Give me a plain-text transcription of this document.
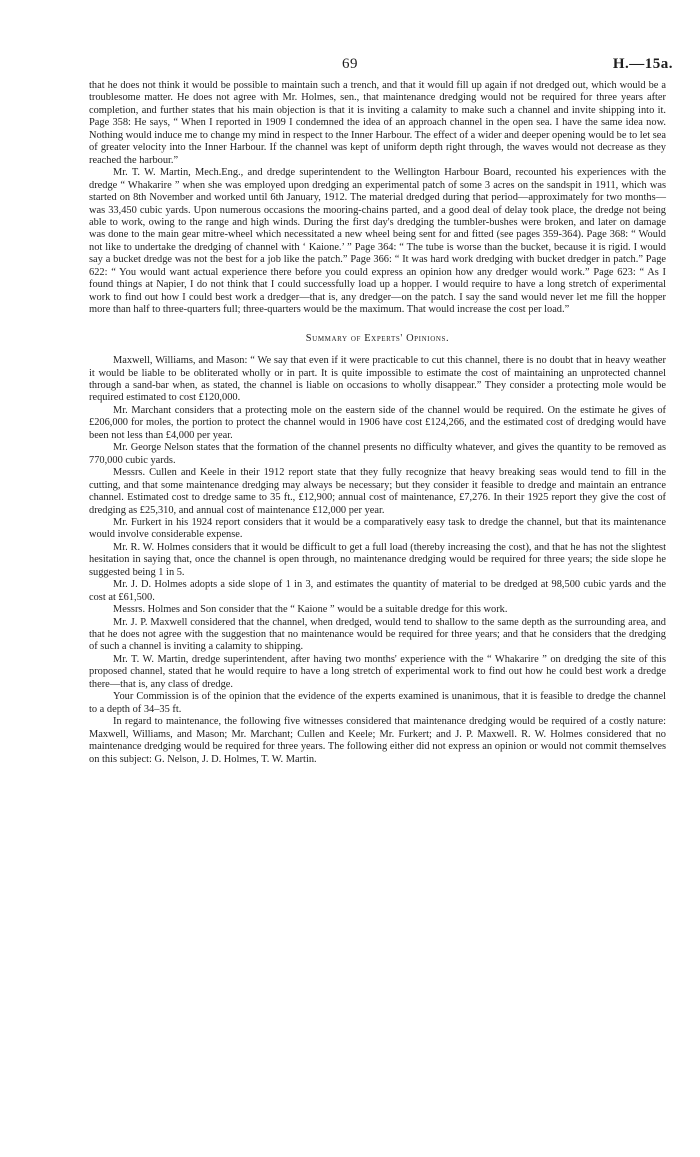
69	H.—15a.

that he does not think it would be possible to maintain such a trench, and that it would fill up again if not dredged out, which would be a troublesome matter. He does not agree with Mr. Holmes, sen., that maintenance dredging would not be required for three years after completion, and further states that his main objection is that it is inviting a calamity to make such a channel and invite shipping into it. Page 358: He says, “ When I reported in 1909 I condemned the idea of an approach channel in the open sea. I have the same idea now. Nothing would induce me to change my mind in respect to the Inner Harbour. The effect of a wider and deeper opening would be to let sea of greater velocity into the Inner Harbour. If the channel was kept of uniform depth right through, the waves would not decrease as they reached the harbour.”

Mr. T. W. Martin, Mech.Eng., and dredge superintendent to the Wellington Harbour Board, recounted his experiences with the dredge “ Whakarire ” when she was employed upon dredging an experimental patch of some 3 acres on the sandspit in 1911, which was started on 8th November and worked until 6th January, 1912. The material dredged during that period—approximately for two months—was 33,450 cubic yards. Upon numerous occasions the mooring-chains parted, and a good deal of delay took place, the dredge not being able to work, owing to the range and high winds. During the first day's dredging the tumbler-bushes were broken, and later on damage was done to the main gear mitre-wheel which necessitated a new wheel being sent for and fitted (see pages 359-364). Page 368: “ Would not like to undertake the dredging of channel with ‘ Kaione.’ ” Page 364: “ The tube is worse than the bucket, because it is rigid. I would say a bucket dredge was not the best for a job like the patch.” Page 366: “ It was hard work dredging with bucket dredger in patch.” Page 622: “ You would want actual experience there before you could express an opinion how any dredger would work.” Page 623: “ As I found things at Napier, I do not think that I could successfully load up a hopper. I would require to have a long stretch of experimental work to find out how I could best work a dredger—that is, any dredger—on the patch. I say the sand would never let me fill the hopper more than half to three-quarters full; three-quarters would be the maximum. That would increase the cost per load.”

Summary of Experts' Opinions.

Maxwell, Williams, and Mason: “ We say that even if it were practicable to cut this channel, there is no doubt that in heavy weather it would be liable to be obliterated wholly or in part. It is quite impossible to estimate the cost of maintaining an unprotected channel through a sand-bar when, as stated, the channel is liable on occasions to wholly disappear.” They consider a protecting mole would be required estimated to cost £120,000.

Mr. Marchant considers that a protecting mole on the eastern side of the channel would be required. On the estimate he gives of £206,000 for moles, the portion to protect the channel would in 1906 have cost £124,266, and the estimated cost of dredging would have been not less than £4,000 per year.

Mr. George Nelson states that the formation of the channel presents no difficulty whatever, and gives the quantity to be removed as 770,000 cubic yards.

Messrs. Cullen and Keele in their 1912 report state that they fully recognize that heavy breaking seas would tend to fill in the cutting, and that some maintenance dredging may always be necessary; but they consider it feasible to dredge and maintain an entrance channel. Estimated cost to dredge same to 35 ft., £12,900; annual cost of maintenance, £7,276. In their 1925 report they give the cost of dredging as £25,310, and annual cost of maintenance £12,000 per year.

Mr. Furkert in his 1924 report considers that it would be a comparatively easy task to dredge the channel, but that its maintenance would involve considerable expense.

Mr. R. W. Holmes considers that it would be difficult to get a full load (thereby increasing the cost), and that he has not the slightest hesitation in saying that, once the channel is open through, no maintenance dredging would be required for three years; the side slope he suggested being 1 in 5.

Mr. J. D. Holmes adopts a side slope of 1 in 3, and estimates the quantity of material to be dredged at 98,500 cubic yards and the cost at £61,500.

Messrs. Holmes and Son consider that the “ Kaione ” would be a suitable dredge for this work.

Mr. J. P. Maxwell considered that the channel, when dredged, would tend to shallow to the same depth as the surrounding area, and that he does not agree with the suggestion that no maintenance would be required for three years; and that he considers that the dredging of such a channel is inviting a calamity to shipping.

Mr. T. W. Martin, dredge superintendent, after having two months' experience with the “ Whakarire ” on dredging the site of this proposed channel, stated that he would require to have a long stretch of experimental work to find out how he could best work a dredge there—that is, any class of dredge.

Your Commission is of the opinion that the evidence of the experts examined is unanimous, that it is feasible to dredge the channel to a depth of 34–35 ft.

In regard to maintenance, the following five witnesses considered that maintenance dredging would be required of a costly nature: Maxwell, Williams, and Mason; Mr. Marchant; Cullen and Keele; Mr. Furkert; and J. P. Maxwell. R. W. Holmes considered that no maintenance dredging would be required for three years. The following either did not express an opinion or would not commit themselves on this subject: G. Nelson, J. D. Holmes, T. W. Martin.
